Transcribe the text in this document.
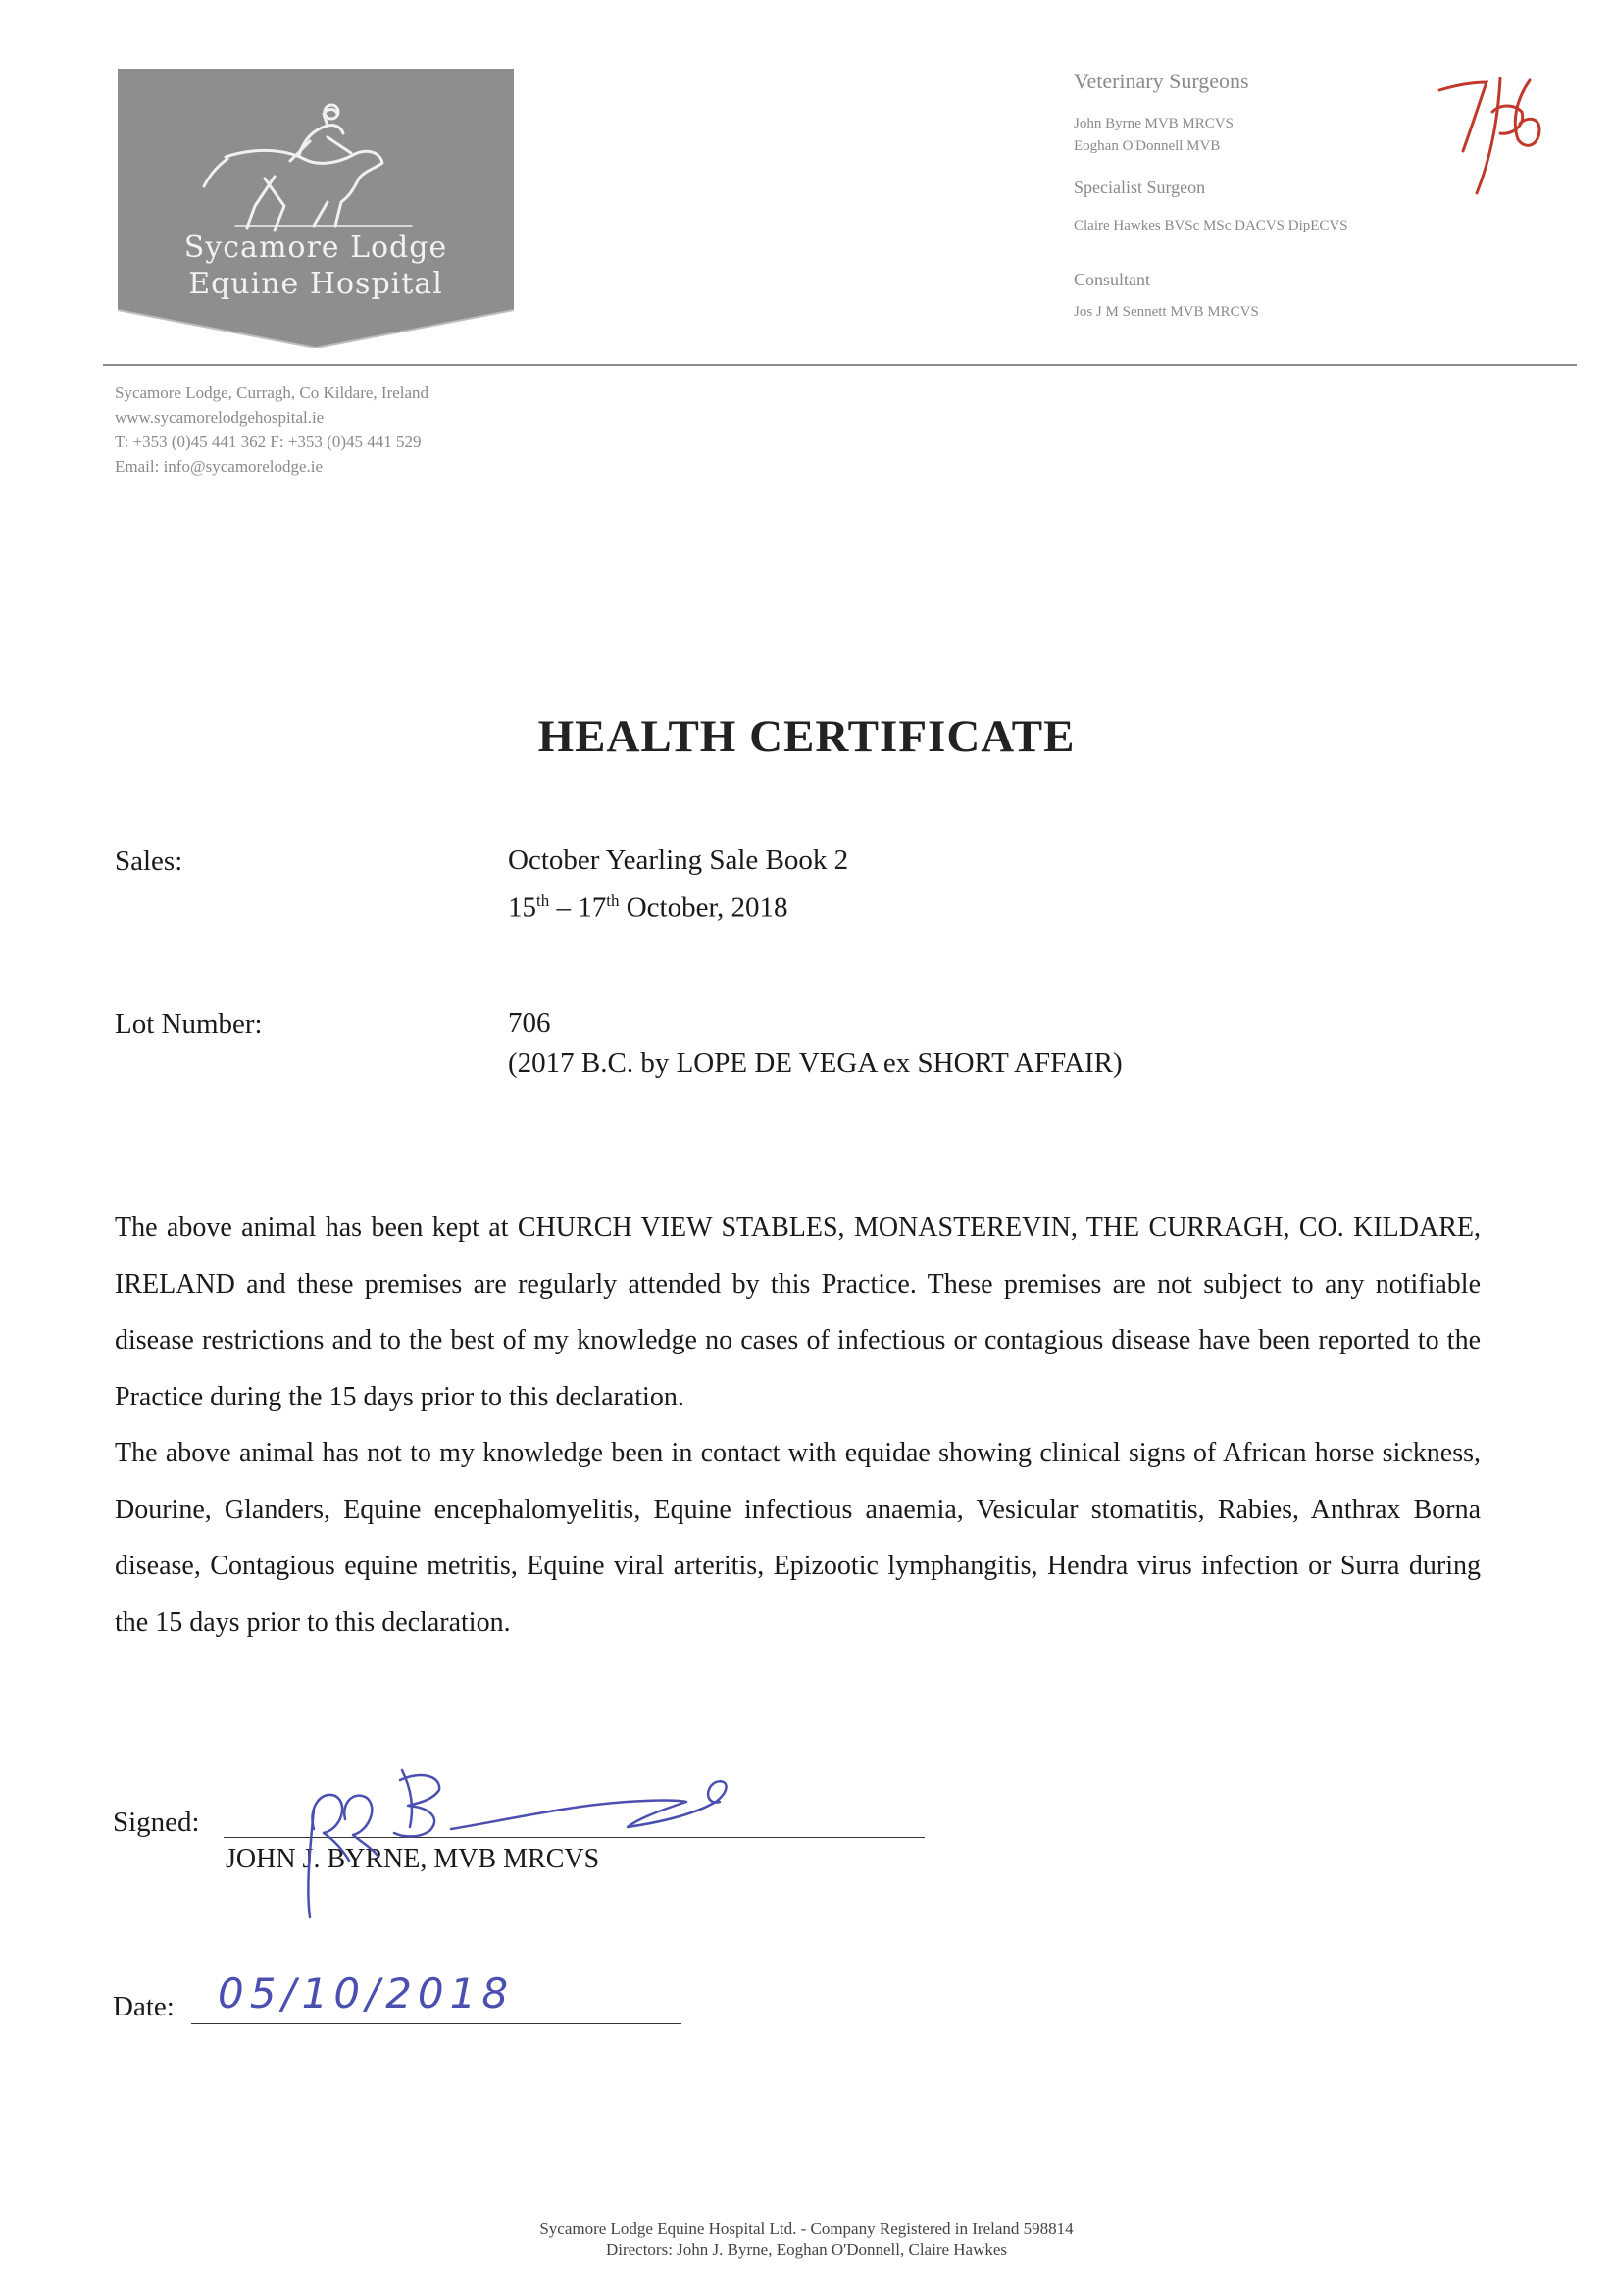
Sycamore Lodge
Equine Hospital
Veterinary Surgeons
John Byrne MVB MRCVS
Eoghan O'Donnell MVB
Specialist Surgeon
Claire Hawkes BVSc MSc DACVS DipECVS
Consultant
Jos J M Sennett MVB MRCVS
Sycamore Lodge, Curragh, Co Kildare, Ireland
www.sycamorelodgehospital.ie
T: +353 (0)45 441 362 F: +353 (0)45 441 529
Email: info@sycamorelodge.ie
HEALTH CERTIFICATE
Sales:	October Yearling Sale Book 2
15th – 17th October, 2018
Lot Number:	706
(2017 B.C. by LOPE DE VEGA ex SHORT AFFAIR)

The above animal has been kept at CHURCH VIEW STABLES, MONASTEREVIN, THE CURRAGH, CO. KILDARE, IRELAND and these premises are regularly attended by this Practice. These premises are not subject to any notifiable disease restrictions and to the best of my knowledge no cases of infectious or contagious disease have been reported to the Practice during the 15 days prior to this declaration.

The above animal has not to my knowledge been in contact with equidae showing clinical signs of African horse sickness, Dourine, Glanders, Equine encephalomyelitis, Equine infectious anaemia, Vesicular stomatitis, Rabies, Anthrax Borna disease, Contagious equine metritis, Equine viral arteritis, Epizootic lymphangitis, Hendra virus infection or Surra during the 15 days prior to this declaration.

Signed:
JOHN J. BYRNE, MVB MRCVS
Date: 05/10/2018
Sycamore Lodge Equine Hospital Ltd. - Company Registered in Ireland 598814
Directors: John J. Byrne, Eoghan O'Donnell, Claire Hawkes
